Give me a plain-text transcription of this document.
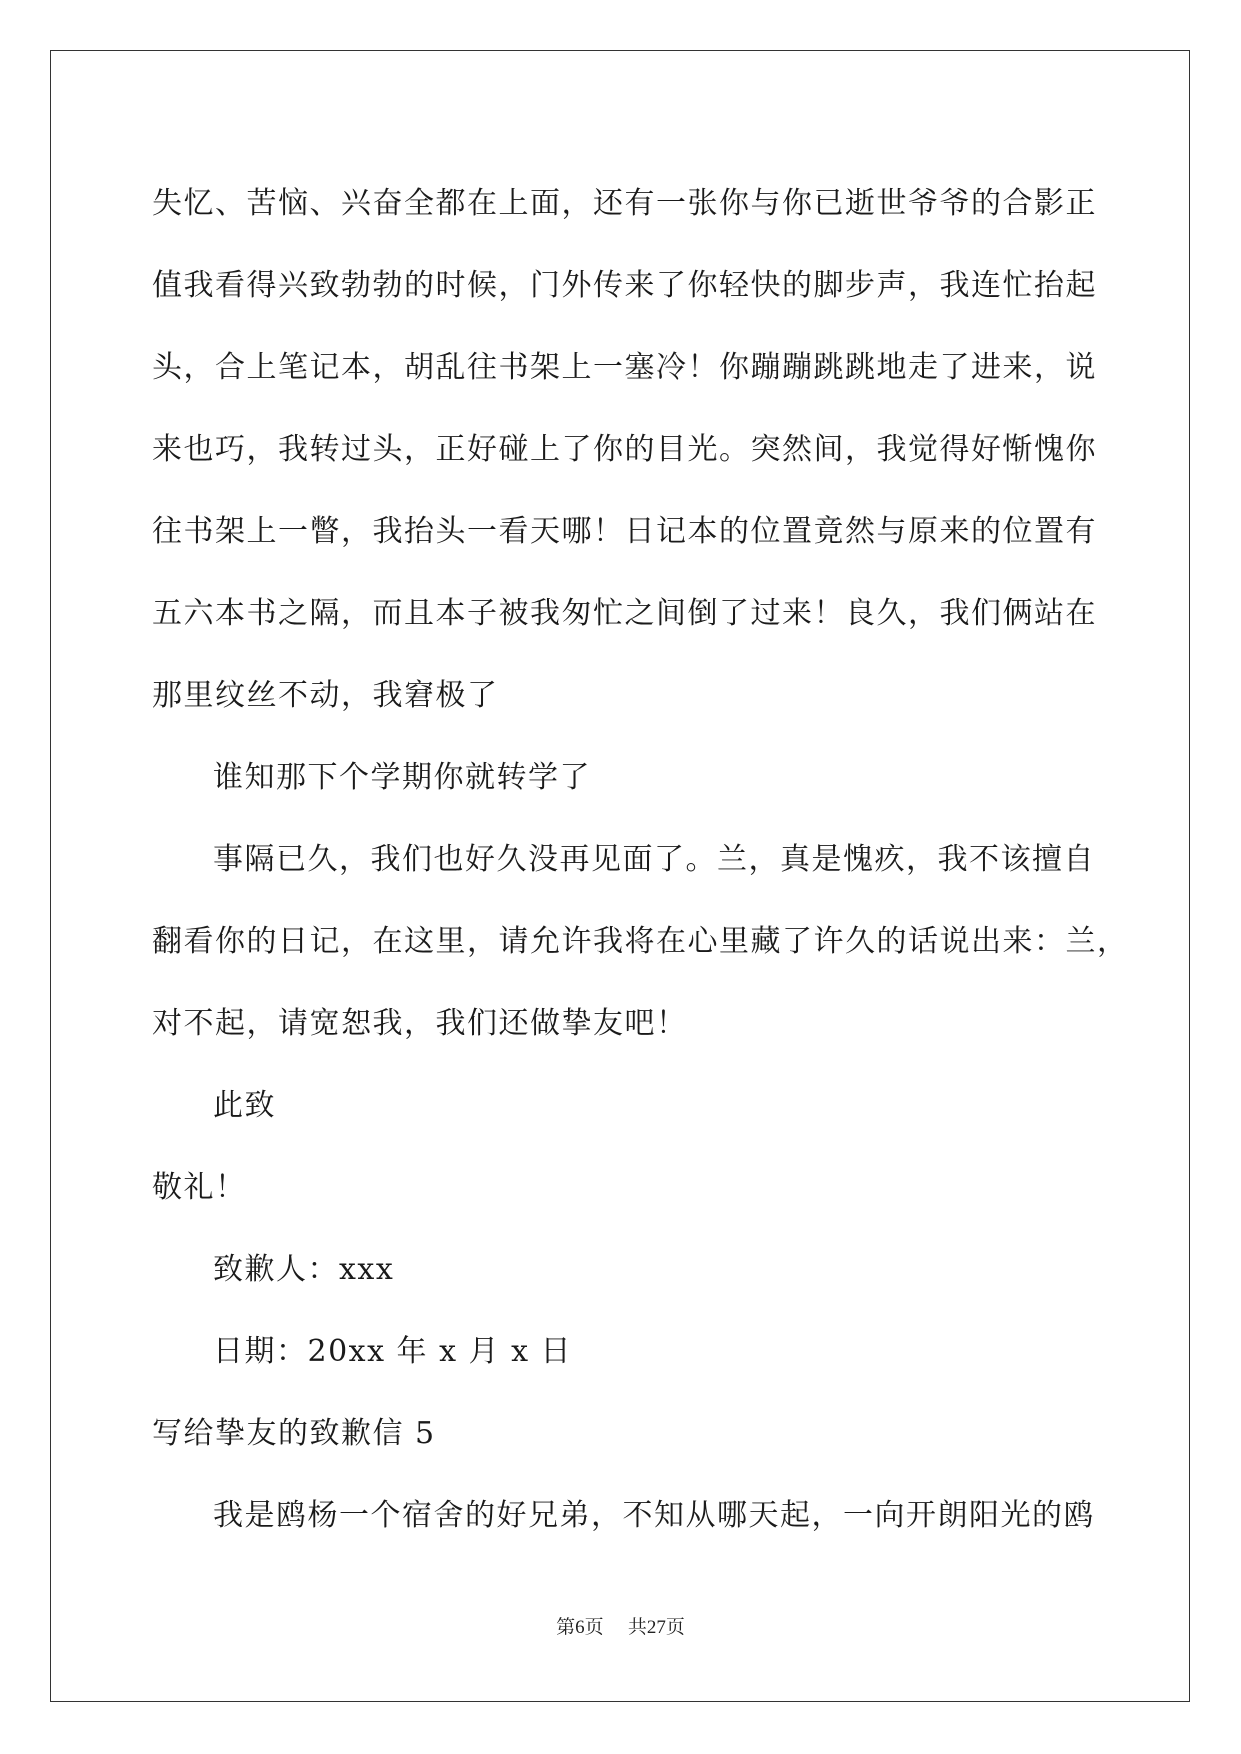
失忆、苦恼、兴奋全都在上面，还有一张你与你已逝世爷爷的合影正
值我看得兴致勃勃的时候，门外传来了你轻快的脚步声，我连忙抬起
头，合上笔记本，胡乱往书架上一塞冷！你蹦蹦跳跳地走了进来，说
来也巧，我转过头，正好碰上了你的目光。突然间，我觉得好惭愧你
往书架上一瞥，我抬头一看天哪！日记本的位置竟然与原来的位置有
五六本书之隔，而且本子被我匆忙之间倒了过来！良久，我们俩站在
那里纹丝不动，我窘极了
谁知那下个学期你就转学了
事隔已久，我们也好久没再见面了。兰，真是愧疚，我不该擅自
翻看你的日记，在这里，请允许我将在心里藏了许久的话说出来：兰，
对不起，请宽恕我，我们还做挚友吧！
此致
敬礼！
致歉人：xxx
日期：20xx 年 x 月 x 日
写给挚友的致歉信 5
我是鸥杨一个宿舍的好兄弟，不知从哪天起，一向开朗阳光的鸥
第6页 共27页
